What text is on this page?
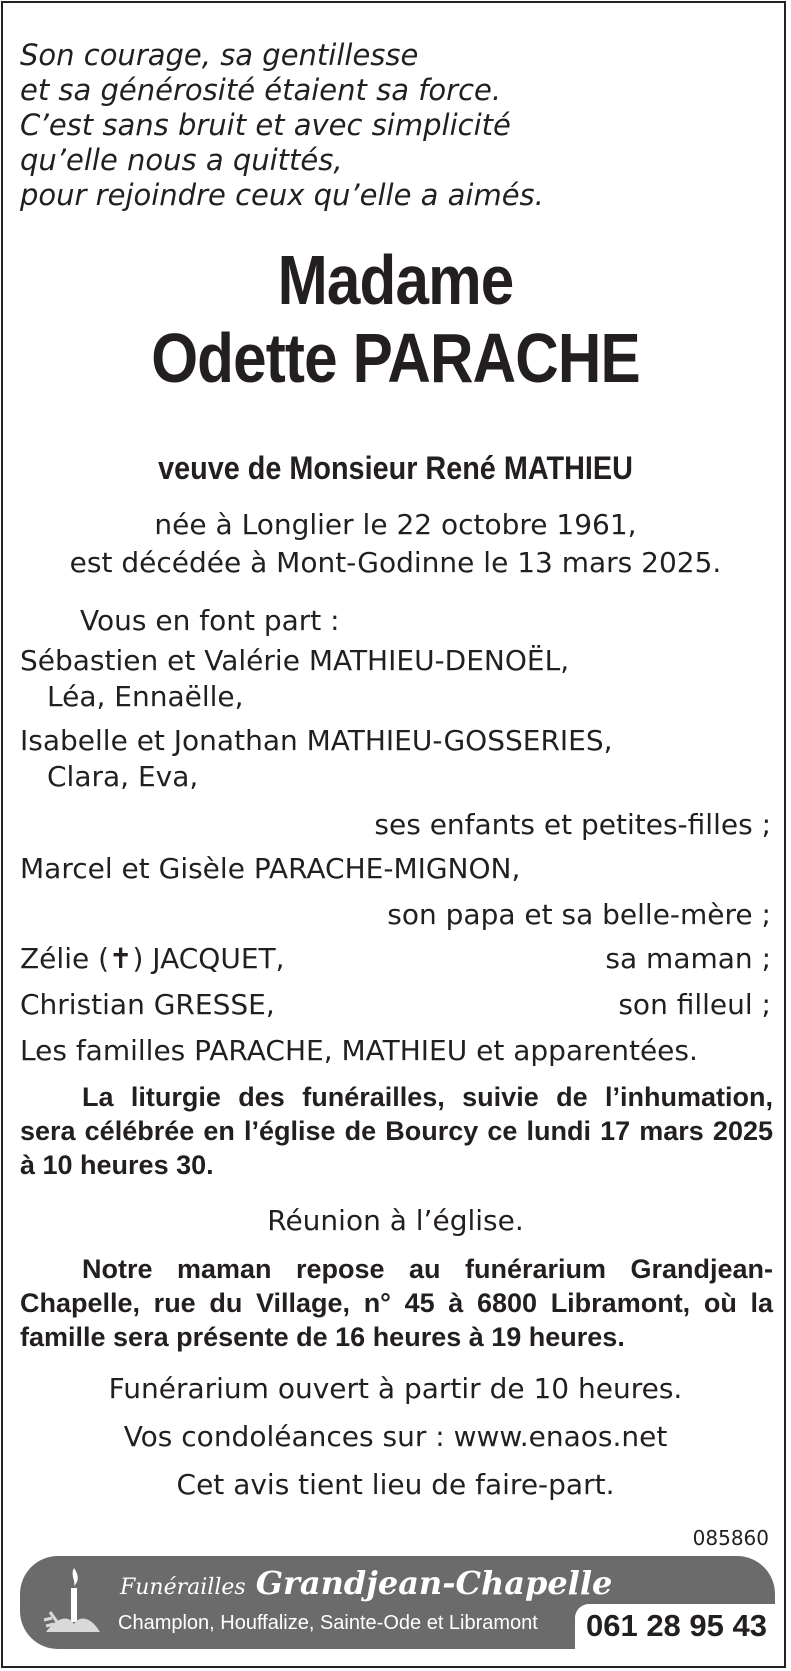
Son courage, sa gentillesse
et sa générosité étaient sa force.
C’est sans bruit et avec simplicité
qu’elle nous a quittés,
pour rejoindre ceux qu’elle a aimés.
Madame
Odette PARACHE
veuve de Monsieur René MATHIEU
née à Longlier le 22 octobre 1961,
est décédée à Mont-Godinne le 13 mars 2025.
Vous en font part :
Sébastien et Valérie MATHIEU-DENOËL,
Léa, Ennaëlle,
Isabelle et Jonathan MATHIEU-GOSSERIES,
Clara, Eva,
ses enfants et petites-filles ;
Marcel et Gisèle PARACHE-MIGNON,
son papa et sa belle-mère ;
Zélie (✝) JACQUET,	sa maman ;
Christian GRESSE,	son filleul ;
Les familles PARACHE, MATHIEU et apparentées.
La liturgie des funérailles, suivie de l’inhumation, sera célébrée en l’église de Bourcy ce lundi 17 mars 2025 à 10 heures 30.
Réunion à l’église.
Notre maman repose au funérarium Grandjean-Chapelle, rue du Village, n° 45 à 6800 Libramont, où la famille sera présente de 16 heures à 19 heures.
Funérarium ouvert à partir de 10 heures.
Vos condoléances sur : www.enaos.net
Cet avis tient lieu de faire-part.
085860
Funérailles Grandjean-Chapelle
Champlon, Houffalize, Sainte-Ode et Libramont 061 28 95 43
